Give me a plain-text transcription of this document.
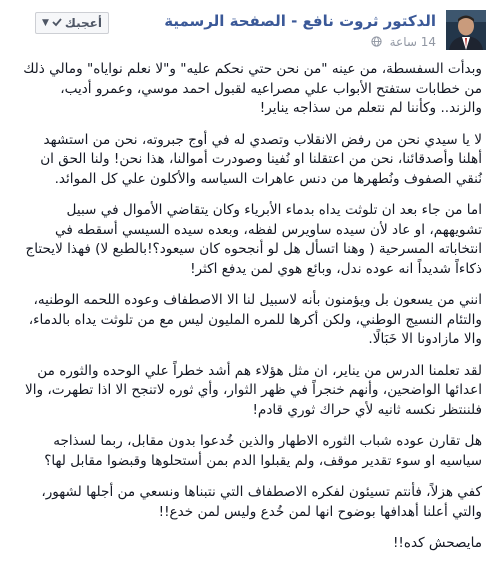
الدكتور ثروت نافع - الصفحة الرسمية
14 ساعة
أعجبك
▼

وبدأت السفسطة، من عينه "من نحن حتي نحكم عليه" و"لا نعلم نواياه" ومالي ذلك من خطابات ستفتح الأبواب علي مصراعيه لقبول احمد موسي، وعمرو أديب، والزند.. وكأننا لم نتعلم من سذاجه يناير!

لا يا سيدي نحن من رفض الانقلاب وتصدي له في أوج جبروته، نحن من استشهد أهلنا وأصدقائنا، نحن من اعتقلنا او نُفينا وصودرت أموالنا، هذا نحن! ولنا الحق ان نُنقي الصفوف ونُطهرها من دنس عاهرات السياسه والأكلون علي كل الموائد.

اما من جاء بعد ان تلوثت يداه بدماء الأبرياء وكان يتقاضي الأموال في سبيل تشويههم، او عاد لأن سيده ساويرس لفظه، وبعده سيده السيسي أسقطه في انتخاباته المسرحية ( وهنا اتسأل هل لو أنجحوه كان سيعود؟!بالطبع لا) فهذا لايحتاج ذكاءاً شديداً انه عوده ندل، وبائع هوي لمن يدفع اكثر!

انني من يسعون بل ويؤمنون بأنه لاسبيل لنا الا الاصطفاف وعوده اللحمه الوطنيه، والتئام النسيج الوطني، ولكن أكرها للمره المليون ليس مع من تلوثت يداه بالدماء، والا مازادونا الا خَبَالًا.

لقد تعلمنا الدرس من يناير، ان مثل هؤلاء هم أشد خطراً علي الوحده والثوره من اعدائها الواضحين، وأنهم خنجراً في ظهر الثوار، وأي ثوره لاتنجح الا اذا تطهرت، والا فلننتظر نكسه ثانيه لأي حراك ثوري قادم!

هل تقارن عوده شباب الثوره الاطهار والذين خُدعوا بدون مقابل، ربما لسذاجه سياسيه او سوء تقدير موقف، ولم يقبلوا الدم بمن أستحلوها وقبضوا مقابل لها؟

كفي هزلاً، فأنتم تسيئون لفكره الاصطفاف التي نتبناها ونسعي من أجلها لشهور، والتي أعلنا أهدافها بوضوح انها لمن خُدع وليس لمن خدع!!

مايصحش كده!!
